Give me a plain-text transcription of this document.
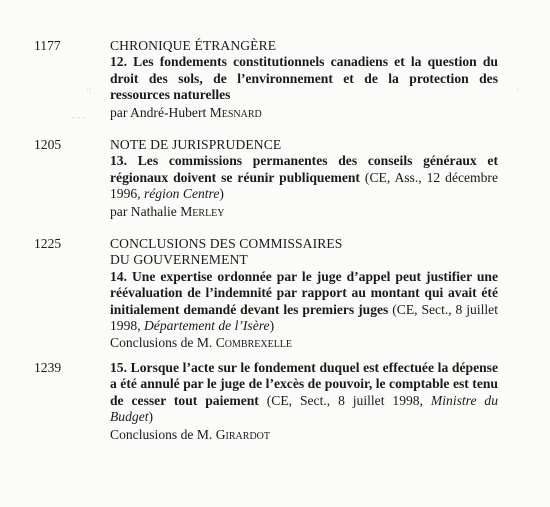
1177	CHRONIQUE ÉTRANGÈRE
12. Les fondements constitutionnels canadiens et la question du droit des sols, de l’environnement et de la protection des ressources naturelles
par André-Hubert Mesnard
1205	NOTE DE JURISPRUDENCE
13. Les commissions permanentes des conseils généraux et régionaux doivent se réunir publiquement (CE, Ass., 12 décembre 1996, région Centre)
par Nathalie Merley
1225	CONCLUSIONS DES COMMISSAIRES
DU GOUVERNEMENT
14. Une expertise ordonnée par le juge d’appel peut justifier une réévaluation de l’indemnité par rapport au montant qui avait été initialement demandé devant les premiers juges (CE, Sect., 8 juillet 1998, Département de l’Isère)
Conclusions de M. Combrexelle
1239	15. Lorsque l’acte sur le fondement duquel est effectuée la dépense a été annulé par le juge de l’excès de pouvoir, le comptable est tenu de cesser tout paiement (CE, Sect., 8 juillet 1998, Ministre du Budget)
Conclusions de M. Girardot
·:
- - -
·
